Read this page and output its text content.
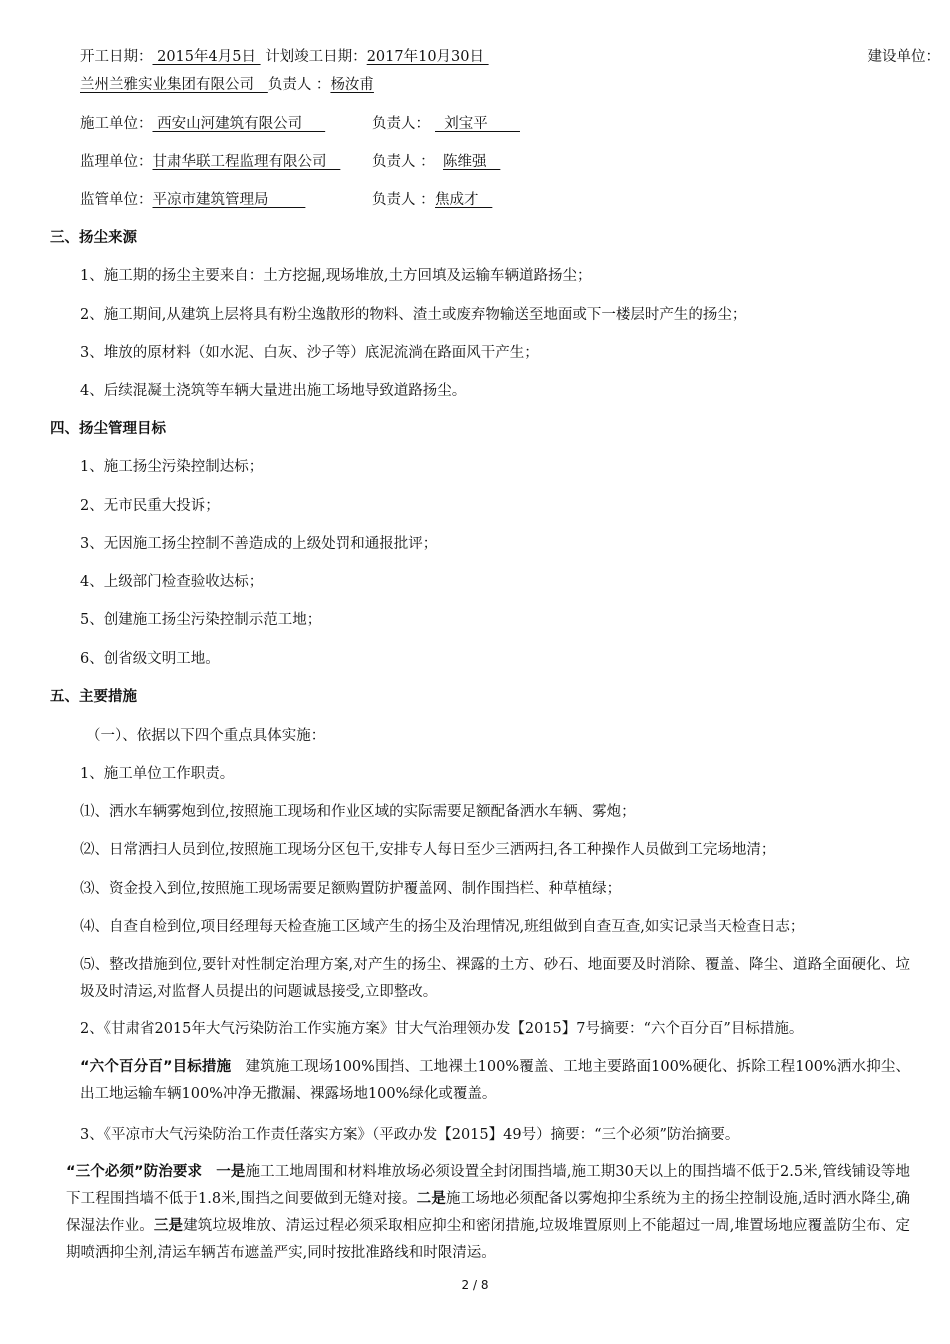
开工日期： 2015年4月5日  计划竣工日期：2017年10月30日	建设单位：
兰州兰雅实业集团有限公司   负责人 ：杨汝甫
施工单位： 西安山河建筑有限公司	负责人： 刘宝平
监理单位：甘肃华联工程监理有限公司 负责人 ： 陈维强
监管单位：平凉市建筑管理局	负责人 ： 焦成才
三、扬尘来源
1、施工期的扬尘主要来自：土方挖掘,现场堆放,土方回填及运输车辆道路扬尘；
2、施工期间,从建筑上层将具有粉尘逸散形的物料、渣土或废弃物输送至地面或下一楼层时产生的扬尘；
3、堆放的原材料（如水泥、白灰、沙子等）底泥流淌在路面风干产生；
4、后续混凝土浇筑等车辆大量进出施工场地导致道路扬尘。
四、扬尘管理目标
1、施工扬尘污染控制达标；
2、无市民重大投诉；
3、无因施工扬尘控制不善造成的上级处罚和通报批评；
4、上级部门检查验收达标；
5、创建施工扬尘污染控制示范工地；
6、创省级文明工地。
五、主要措施
（一）、依据以下四个重点具体实施：
1、施工单位工作职责。
⑴、洒水车辆雾炮到位,按照施工现场和作业区域的实际需要足额配备洒水车辆、雾炮；
⑵、日常洒扫人员到位,按照施工现场分区包干,安排专人每日至少三洒两扫,各工种操作人员做到工完场地清；
⑶、资金投入到位,按照施工现场需要足额购置防护覆盖网、制作围挡栏、种草植绿；
⑷、自查自检到位,项目经理每天检查施工区域产生的扬尘及治理情况,班组做到自查互查,如实记录当天检查日志；
⑸、整改措施到位,要针对性制定治理方案,对产生的扬尘、裸露的土方、砂石、地面要及时消除、覆盖、降尘、道路全面硬化、垃圾及时清运,对监督人员提出的问题诚恳接受,立即整改。
2、《甘肃省2015年大气污染防治工作实施方案》甘大气治理领办发【2015】7号摘要：“六个百分百”目标措施。
“六个百分百”目标措施 建筑施工现场100%围挡、工地裸土100%覆盖、工地主要路面100%硬化、拆除工程100%洒水抑尘、出工地运输车辆100%冲净无撒漏、裸露场地100%绿化或覆盖。
3、《平凉市大气污染防治工作责任落实方案》（平政办发【2015】49号）摘要：“三个必须”防治摘要。
“三个必须”防治要求 一是施工工地周围和材料堆放场必须设置全封闭围挡墙,施工期30天以上的围挡墙不低于2.5米,管线铺设等地下工程围挡墙不低于1.8米,围挡之间要做到无缝对接。二是施工场地必须配备以雾炮抑尘系统为主的扬尘控制设施,适时洒水降尘,确保湿法作业。三是建筑垃圾堆放、清运过程必须采取相应抑尘和密闭措施,垃圾堆置原则上不能超过一周,堆置场地应覆盖防尘布、定期喷洒抑尘剂,清运车辆苫布遮盖严实,同时按批准路线和时限清运。
2 / 8
